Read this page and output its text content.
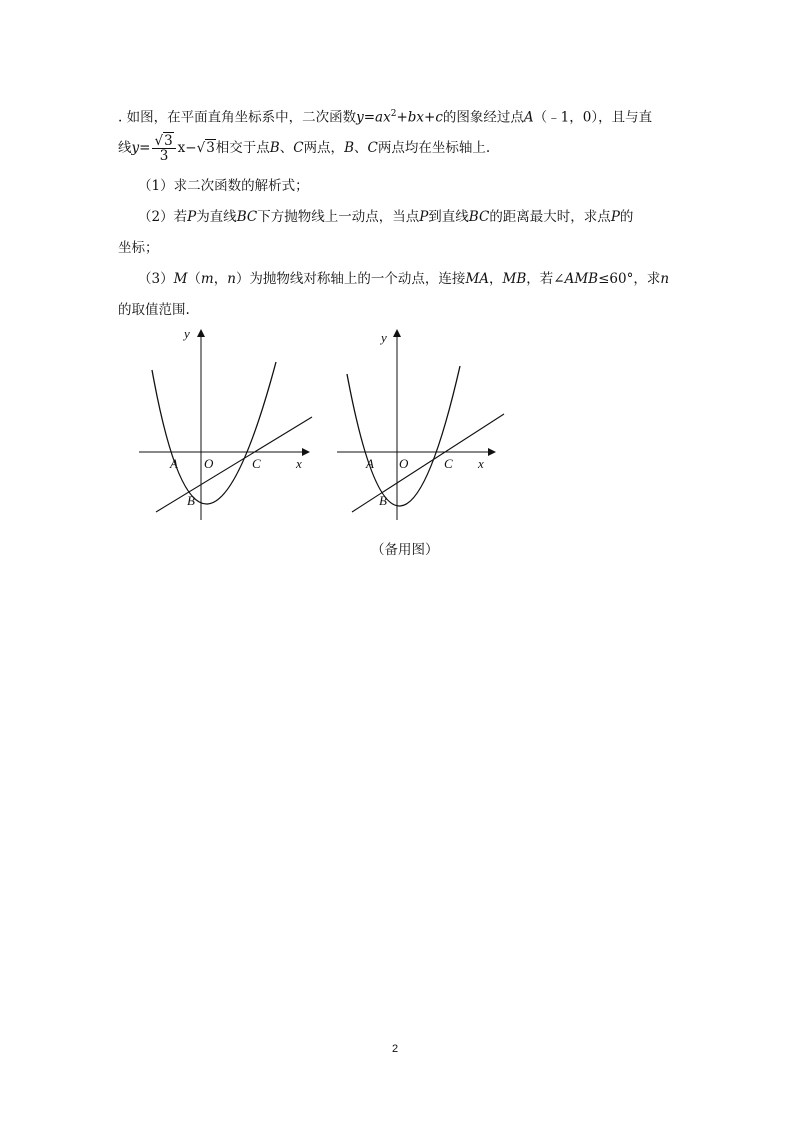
. 如图，在平面直角坐标系中，二次函数$y=ax^2+bx+c$的图象经过点A（﹣1，0），且与直
线$y= \frac{√3}{3} x-√3$相交于点B、C两点，B、C两点均在坐标轴上.
（1）求二次函数的解析式；
（2）若P为直线BC下方抛物线上一动点，当点P到直线BC的距离最大时，求点P的
坐标；
（3）M（m，n）为抛物线对称轴上的一个动点，连接MA，MB，若∠AMB≤60°，求n
的取值范围.
y
x
A O	C
B
y
x
A O	C
B
（备用图）
2
